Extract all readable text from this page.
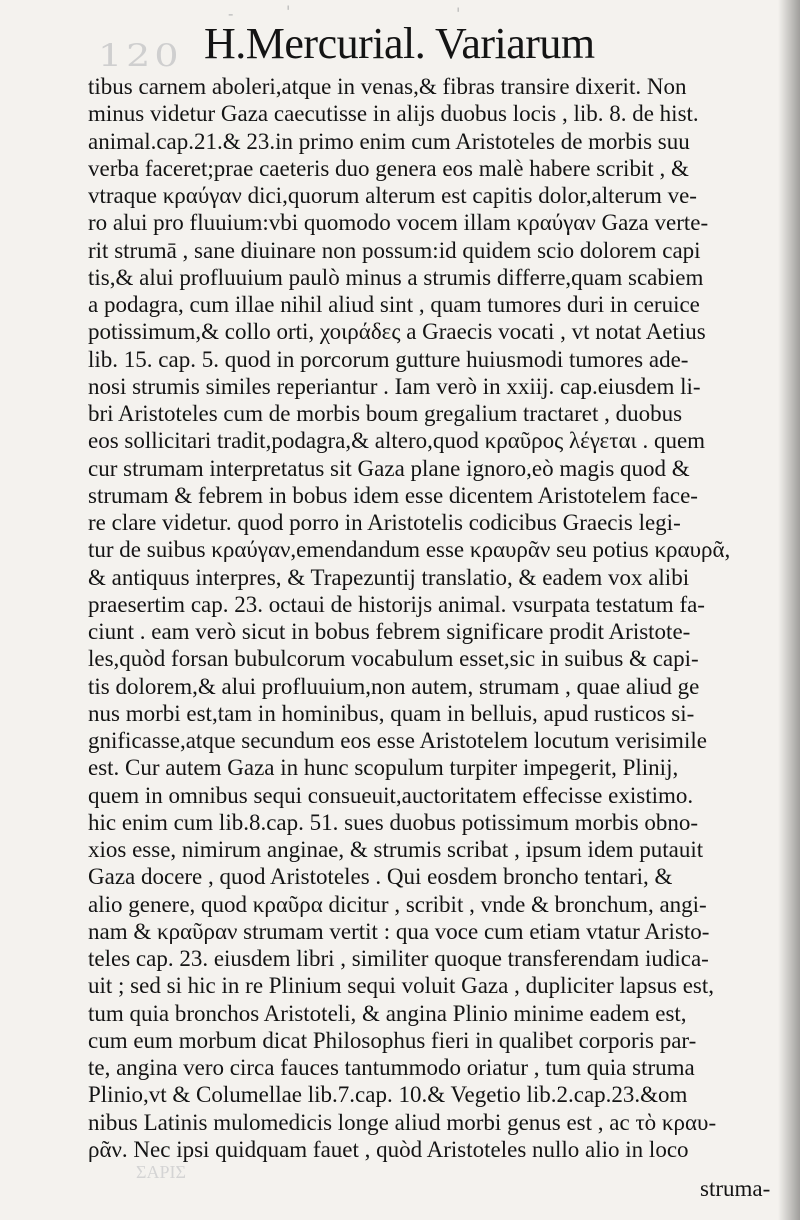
-	'	'
120 H.Mercurial. Variarum
tibus carnem aboleri,atque in venas,& fibras transire dixerit. Non
minus videtur Gaza caecutisse in alijs duobus locis , lib. 8. de hist.
animal.cap.21.& 23.in primo enim cum Aristoteles de morbis suu
verba faceret;prae caeteris duo genera eos malè habere scribit , &
vtraque κραύγαν dici,quorum alterum est capitis dolor,alterum ve-
ro alui pro fluuium:vbi quomodo vocem illam κραύγαν Gaza verte-
rit strumā , sane diuinare non possum:id quidem scio dolorem capi
tis,& alui profluuium paulò minus a strumis differre,quam scabiem
a podagra, cum illae nihil aliud sint , quam tumores duri in ceruice
potissimum,& collo orti, χοιράδες a Graecis vocati , vt notat Aetius
lib. 15. cap. 5. quod in porcorum gutture huiusmodi tumores ade-
nosi strumis similes reperiantur . Iam verò in xxiij. cap.eiusdem li-
bri Aristoteles cum de morbis boum gregalium tractaret , duobus
eos sollicitari tradit,podagra,& altero,quod κραῦρος λέγεται . quem
cur strumam interpretatus sit Gaza plane ignoro,eò magis quod &
strumam & febrem in bobus idem esse dicentem Aristotelem face-
re clare videtur. quod porro in Aristotelis codicibus Graecis legi-
tur de suibus κραύγαν,emendandum esse κραυρᾶν seu potius κραυρᾶ,
& antiquus interpres, & Trapezuntij translatio, & eadem vox alibi
praesertim cap. 23. octaui de historijs animal. vsurpata testatum fa-
ciunt . eam verò sicut in bobus febrem significare prodit Aristote-
les,quòd forsan bubulcorum vocabulum esset,sic in suibus & capi-
tis dolorem,& alui profluuium,non autem, strumam , quae aliud ge
nus morbi est,tam in hominibus, quam in belluis, apud rusticos si-
gnificasse,atque secundum eos esse Aristotelem locutum verisimile
est. Cur autem Gaza in hunc scopulum turpiter impegerit, Plinij,
quem in omnibus sequi consueuit,auctoritatem effecisse existimo.
hic enim cum lib.8.cap. 51. sues duobus potissimum morbis obno-
xios esse, nimirum anginae, & strumis scribat , ipsum idem putauit
Gaza docere , quod Aristoteles . Qui eosdem broncho tentari, &
alio genere, quod κραῦρα dicitur , scribit , vnde & bronchum, angi-
nam & κραῦραν strumam vertit : qua voce cum etiam vtatur Aristo-
teles cap. 23. eiusdem libri , similiter quoque transferendam iudica-
uit ; sed si hic in re Plinium sequi voluit Gaza , dupliciter lapsus est,
tum quia bronchos Aristoteli, & angina Plinio minime eadem est,
cum eum morbum dicat Philosophus fieri in qualibet corporis par-
te, angina vero circa fauces tantummodo oriatur , tum quia struma
Plinio,vt & Columellae lib.7.cap. 10.& Vegetio lib.2.cap.23.&om
nibus Latinis mulomedicis longe aliud morbi genus est , ac τὸ κραυ-
ρᾶν. Nec ipsi quidquam fauet , quòd Aristoteles nullo alio in loco
ΣΑΡΙΣ
struma-
